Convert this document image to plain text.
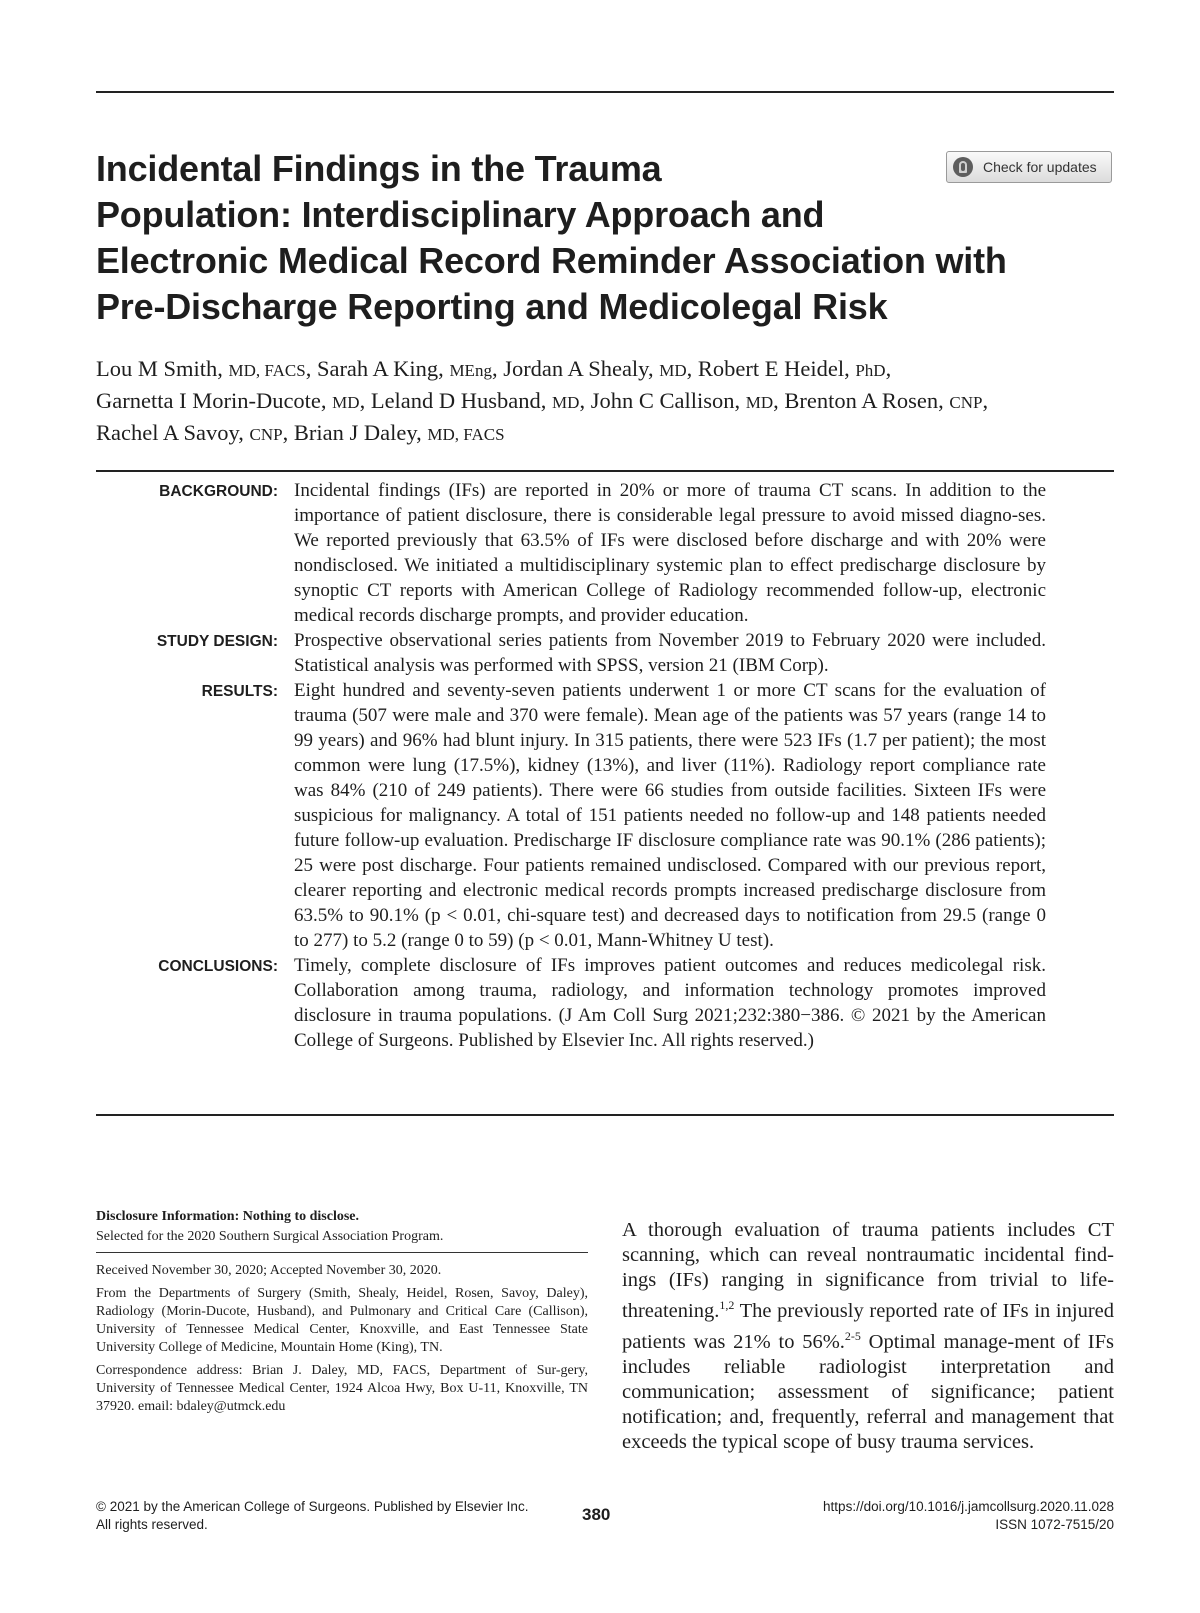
Incidental Findings in the Trauma
Population: Interdisciplinary Approach and
Electronic Medical Record Reminder Association with
Pre-Discharge Reporting and Medicolegal Risk
Check for updates
Lou M Smith, MD, FACS, Sarah A King, MEng, Jordan A Shealy, MD, Robert E Heidel, PhD,
Garnetta I Morin-Ducote, MD, Leland D Husband, MD, John C Callison, MD, Brenton A Rosen, CNP,
Rachel A Savoy, CNP, Brian J Daley, MD, FACS
BACKGROUND: Incidental findings (IFs) are reported in 20% or more of trauma CT scans. In addition to the importance of patient disclosure, there is considerable legal pressure to avoid missed diagno-ses. We reported previously that 63.5% of IFs were disclosed before discharge and with 20% were nondisclosed. We initiated a multidisciplinary systemic plan to effect predischarge disclosure by synoptic CT reports with American College of Radiology recommended follow-up, electronic medical records discharge prompts, and provider education.
STUDY DESIGN: Prospective observational series patients from November 2019 to February 2020 were included. Statistical analysis was performed with SPSS, version 21 (IBM Corp).
RESULTS: Eight hundred and seventy-seven patients underwent 1 or more CT scans for the evaluation of trauma (507 were male and 370 were female). Mean age of the patients was 57 years (range 14 to 99 years) and 96% had blunt injury. In 315 patients, there were 523 IFs (1.7 per patient); the most common were lung (17.5%), kidney (13%), and liver (11%). Radiology report compliance rate was 84% (210 of 249 patients). There were 66 studies from outside facilities. Sixteen IFs were suspicious for malignancy. A total of 151 patients needed no follow-up and 148 patients needed future follow-up evaluation. Predischarge IF disclosure compliance rate was 90.1% (286 patients); 25 were post discharge. Four patients remained undisclosed. Compared with our previous report, clearer reporting and electronic medical records prompts increased predischarge disclosure from 63.5% to 90.1% (p < 0.01, chi-square test) and decreased days to notification from 29.5 (range 0 to 277) to 5.2 (range 0 to 59) (p < 0.01, Mann-Whitney U test).
CONCLUSIONS: Timely, complete disclosure of IFs improves patient outcomes and reduces medicolegal risk. Collaboration among trauma, radiology, and information technology promotes improved disclosure in trauma populations. (J Am Coll Surg 2021;232:380−386. © 2021 by the American College of Surgeons. Published by Elsevier Inc. All rights reserved.)

Disclosure Information: Nothing to disclose.

Selected for the 2020 Southern Surgical Association Program.

Received November 30, 2020; Accepted November 30, 2020.

From the Departments of Surgery (Smith, Shealy, Heidel, Rosen, Savoy, Daley), Radiology (Morin-Ducote, Husband), and Pulmonary and Critical Care (Callison), University of Tennessee Medical Center, Knoxville, and East Tennessee State University College of Medicine, Mountain Home (King), TN.

Correspondence address: Brian J. Daley, MD, FACS, Department of Sur-gery, University of Tennessee Medical Center, 1924 Alcoa Hwy, Box U-11, Knoxville, TN 37920. email: bdaley@utmck.edu

A thorough evaluation of trauma patients includes CT scanning, which can reveal nontraumatic incidental find-ings (IFs) ranging in significance from trivial to life-threatening.$^{1,2}$ The previously reported rate of IFs in injured patients was 21% to 56%.$^{2-5}$ Optimal manage-ment of IFs includes reliable radiologist interpretation and communication; assessment of significance; patient notification; and, frequently, referral and management that exceeds the typical scope of busy trauma services.
© 2021 by the American College of Surgeons. Published by Elsevier Inc.
All rights reserved.
380	https://doi.org/10.1016/j.jamcollsurg.2020.11.028
ISSN 1072-7515/20
